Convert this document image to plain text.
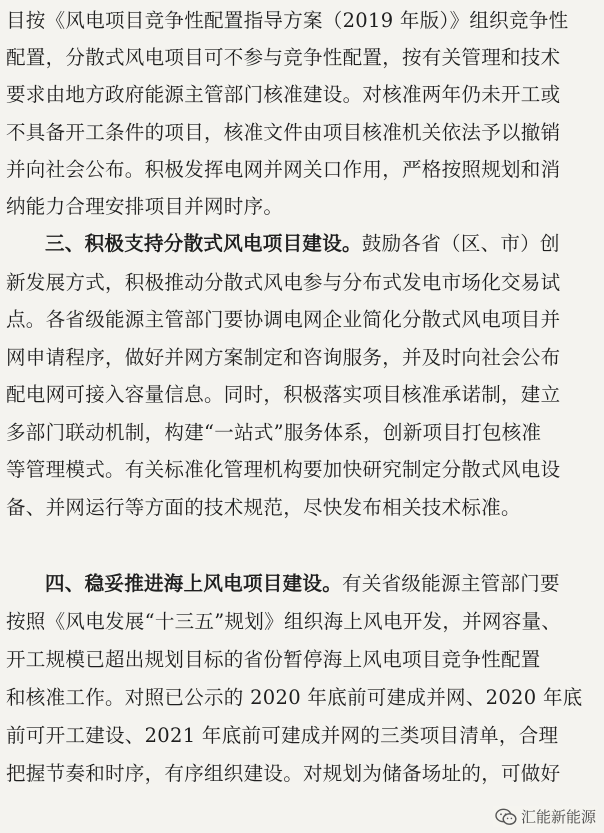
目按《风电项目竞争性配置指导方案（2019 年版）》组织竞争性
配置，分散式风电项目可不参与竞争性配置，按有关管理和技术
要求由地方政府能源主管部门核准建设。对核准两年仍未开工或
不具备开工条件的项目，核准文件由项目核准机关依法予以撤销
并向社会公布。积极发挥电网并网关口作用，严格按照规划和消
纳能力合理安排项目并网时序。
三、积极支持分散式风电项目建设。鼓励各省（区、市）创
新发展方式，积极推动分散式风电参与分布式发电市场化交易试
点。各省级能源主管部门要协调电网企业简化分散式风电项目并
网申请程序，做好并网方案制定和咨询服务，并及时向社会公布
配电网可接入容量信息。同时，积极落实项目核准承诺制，建立
多部门联动机制，构建“一站式”服务体系，创新项目打包核准
等管理模式。有关标准化管理机构要加快研究制定分散式风电设
备、并网运行等方面的技术规范，尽快发布相关技术标准。
四、稳妥推进海上风电项目建设。有关省级能源主管部门要
按照《风电发展“十三五”规划》组织海上风电开发，并网容量、
开工规模已超出规划目标的省份暂停海上风电项目竞争性配置
和核准工作。对照已公示的 2020 年底前可建成并网、2020 年底
前可开工建设、2021 年底前可建成并网的三类项目清单，合理
把握节奏和时序，有序组织建设。对规划为储备场址的，可做好
汇能新能源
